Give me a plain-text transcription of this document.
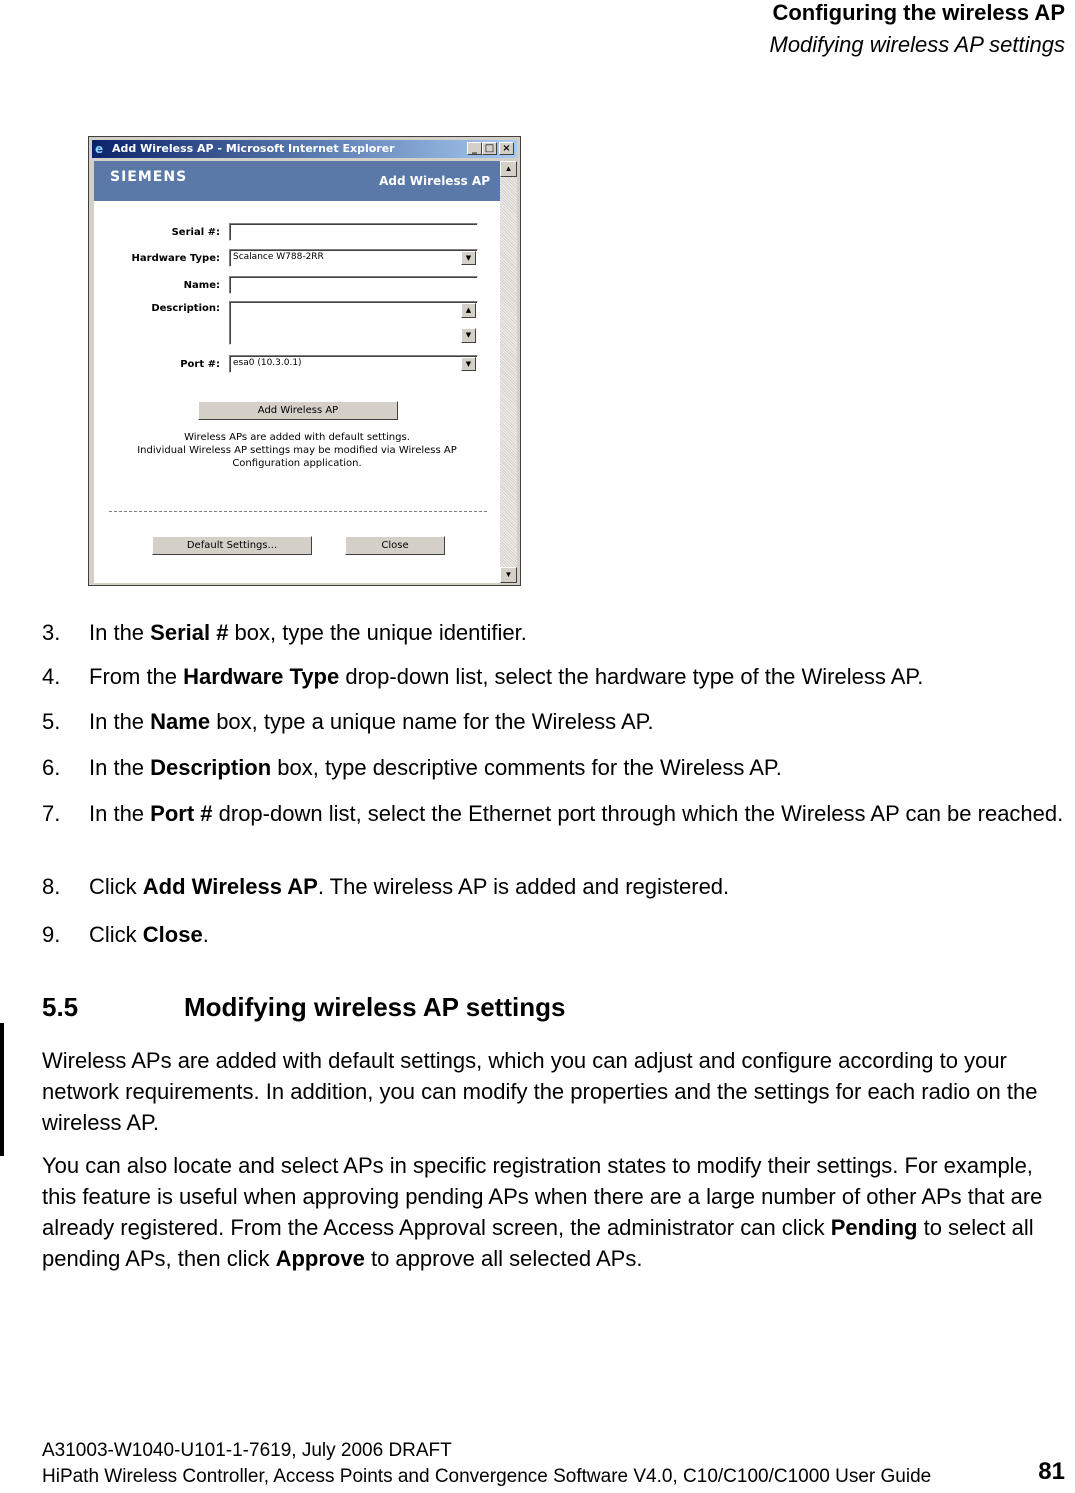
Configuring the wireless AP
Modifying wireless AP settings
e Add Wireless AP - Microsoft Internet Explorer	_ □ ×
SIEMENS	Add Wireless AP
Serial #:
Hardware Type: Scalance W788-2RR	▼
Name:
Description:	▲
▼
Port #: esa0 (10.3.0.1)	▼
Add Wireless AP
Wireless APs are added with default settings.
Individual Wireless AP settings may be modified via Wireless AP
Configuration application.
Default Settings...	Close
▲
▼
3. In the Serial # box, type the unique identifier.
4. From the Hardware Type drop-down list, select the hardware type of the Wireless AP.
5. In the Name box, type a unique name for the Wireless AP.
6. In the Description box, type descriptive comments for the Wireless AP.
7. In the Port # drop-down list, select the Ethernet port through which the Wireless AP can be reached.
8. Click Add Wireless AP. The wireless AP is added and registered.
9. Click Close.
5.5	Modifying wireless AP settings
Wireless APs are added with default settings, which you can adjust and configure according to your network requirements. In addition, you can modify the properties and the settings for each radio on the wireless AP.
You can also locate and select APs in specific registration states to modify their settings. For example, this feature is useful when approving pending APs when there are a large number of other APs that are already registered. From the Access Approval screen, the administrator can click Pending to select all pending APs, then click Approve to approve all selected APs.
A31003-W1040-U101-1-7619, July 2006 DRAFT
HiPath Wireless Controller, Access Points and Convergence Software V4.0, C10/C100/C1000 User Guide	81
